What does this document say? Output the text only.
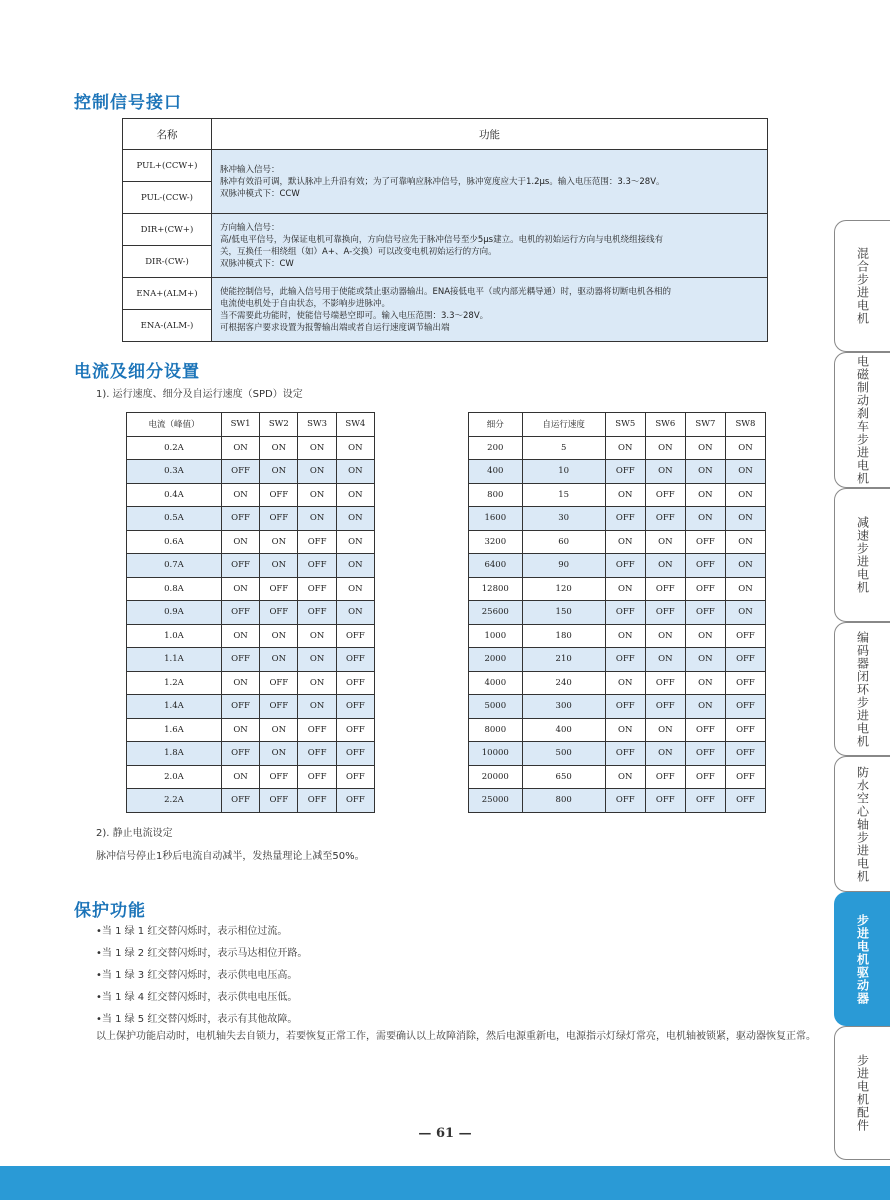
控制信号接口
名称	功能
PUL+(CCW+)	脉冲输入信号：
脉冲有效沿可调，默认脉冲上升沿有效；为了可靠响应脉冲信号，脉冲宽度应大于1.2μs。输入电压范围：3.3～28V。
双脉冲模式下：CCW

PUL-(CCW-)	
DIR+(CW+)	方向输入信号：
高/低电平信号，为保证电机可靠换向，方向信号应先于脉冲信号至少5μs建立。电机的初始运行方向与电机绕组接线有
关，互换任一相绕组（如）A+、A-交换）可以改变电机初始运行的方向。
双脉冲模式下：CW

DIR-(CW-)	
ENA+(ALM+)	使能控制信号，此输入信号用于使能或禁止驱动器输出。ENA接低电平（或内部光耦导通）时，驱动器将切断电机各相的
电流使电机处于自由状态，不影响步进脉冲。
当不需要此功能时，使能信号端悬空即可。输入电压范围：3.3～28V。
可根据客户要求设置为报警输出端或者自运行速度调节输出端

ENA-(ALM-)	
电流及细分设置
1). 运行速度、细分及自运行速度（SPD）设定
电流（峰值）	SW1	SW2	SW3	SW4
0.2A	ON	ON	ON	ON
0.3A	OFF	ON	ON	ON
0.4A	ON	OFF	ON	ON
0.5A	OFF	OFF	ON	ON
0.6A	ON	ON	OFF	ON
0.7A	OFF	ON	OFF	ON
0.8A	ON	OFF	OFF	ON
0.9A	OFF	OFF	OFF	ON
1.0A	ON	ON	ON	OFF
1.1A	OFF	ON	ON	OFF
1.2A	ON	OFF	ON	OFF
1.4A	OFF	OFF	ON	OFF
1.6A	ON	ON	OFF	OFF
1.8A	OFF	ON	OFF	OFF
2.0A	ON	OFF	OFF	OFF
2.2A	OFF	OFF	OFF	OFF
细分	自运行速度	SW5	SW6	SW7	SW8
200	5	ON	ON	ON	ON
400	10	OFF	ON	ON	ON
800	15	ON	OFF	ON	ON
1600	30	OFF	OFF	ON	ON
3200	60	ON	ON	OFF	ON
6400	90	OFF	ON	OFF	ON
12800	120	ON	OFF	OFF	ON
25600	150	OFF	OFF	OFF	ON
1000	180	ON	ON	ON	OFF
2000	210	OFF	ON	ON	OFF
4000	240	ON	OFF	ON	OFF
5000	300	OFF	OFF	ON	OFF
8000	400	ON	ON	OFF	OFF
10000	500	OFF	ON	OFF	OFF
20000	650	ON	OFF	OFF	OFF
25000	800	OFF	OFF	OFF	OFF
2). 静止电流设定
脉冲信号停止1秒后电流自动减半，发热量理论上减至50%。
保护功能
•当 1 绿 1 红交替闪烁时，表示相位过流。
•当 1 绿 2 红交替闪烁时，表示马达相位开路。
•当 1 绿 3 红交替闪烁时，表示供电电压高。
•当 1 绿 4 红交替闪烁时，表示供电电压低。
•当 1 绿 5 红交替闪烁时，表示有其他故障。
以上保护功能启动时，电机轴失去自锁力，若要恢复正常工作，需要确认以上故障消除，然后电源重新电，电源指示灯绿灯常亮，电机轴被锁紧，驱动器恢复正常。
— 61 —
混合步进电机
电磁制动刹车步进电机
减速步进电机
编码器闭环步进电机
防水空心轴步进电机
步进电机驱动器
步进电机配件
